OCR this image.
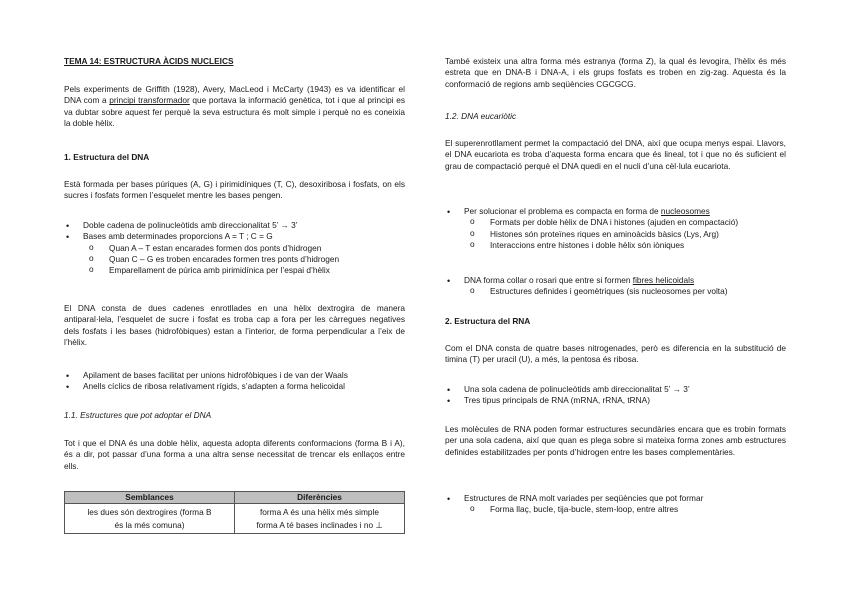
TEMA 14: ESTRUCTURA ÀCIDS NUCLEICS

Pels experiments de Griffith (1928), Avery, MacLeod i McCarty (1943) es va identificar el DNA com a principi transformador que portava la informació genètica, tot i que al principi es va dubtar sobre aquest fer perquè la seva estructura és molt simple i perquè no es coneixia la doble hèlix.

1. Estructura del DNA

Està formada per bases púriques (A, G) i pirimidíniques (T, C), desoxiribosa i fosfats, on els sucres i fosfats formen l’esquelet mentre les bases pengen.

• Doble cadena de polinucleòtids amb direccionalitat 5’ → 3’
• Bases amb determinades proporcions A = T ; C = G
o Quan A – T estan encarades formen dos ponts d’hidrogen
o Quan C – G es troben encarades formen tres ponts d’hidrogen
o Emparellament de púrica amb pirimidínica per l’espai d’hèlix

El DNA consta de dues cadenes enrotllades en una hèlix dextrogira de manera antiparal·lela, l’esquelet de sucre i fosfat es troba cap a fora per les càrregues negatives dels fosfats i les bases (hidrofòbiques) estan a l’interior, de forma perpendicular a l’eix de l’hèlix.

• Apilament de bases facilitat per unions hidrofòbiques i de van der Waals
• Anells cíclics de ribosa relativament rígids, s’adapten a forma helicoidal

1.1. Estructures que pot adoptar el DNA

Tot i que el DNA és una doble hèlix, aquesta adopta diferents conformacions (forma B i A), és a dir, pot passar d’una forma a una altra sense necessitat de trencar els enllaços entre ells.

Semblances	Diferències
les dues són dextrogires (forma B és la més comuna)	forma A és una hèlix més simple forma A té bases inclinades i no ⊥

També existeix una altra forma més estranya (forma Z), la qual és levogira, l’hèlix és més estreta que en DNA-B i DNA-A, i els grups fosfats es troben en zig-zag. Aquesta és la conformació de regions amb seqüències CGCGCG.

1.2. DNA eucariòtic

El superenrotllament permet la compactació del DNA, així que ocupa menys espai. Llavors, el DNA eucariota es troba d’aquesta forma encara que és lineal, tot i que no és suficient el grau de compactació perquè el DNA quedi en el nucli d’una cèl·lula eucariota.

• Per solucionar el problema es compacta en forma de nucleosomes
o Formats per doble hèlix de DNA i histones (ajuden en compactació)
o Histones són proteïnes riques en aminoàcids bàsics (Lys, Arg)
o Interaccions entre histones i doble hèlix són iòniques
• DNA forma collar o rosari que entre si formen fibres helicoidals
o Estructures definides i geomètriques (sis nucleosomes per volta)

2. Estructura del RNA

Com el DNA consta de quatre bases nitrogenades, però es diferencia en la substitució de timina (T) per uracil (U), a més, la pentosa és ribosa.

• Una sola cadena de polinucleòtids amb direccionalitat 5’ → 3’
• Tres tipus principals de RNA (mRNA, rRNA, tRNA)

Les molècules de RNA poden formar estructures secundàries encara que es trobin formats per una sola cadena, així que quan es plega sobre si mateixa forma zones amb estructures definides estabilitzades per ponts d’hidrogen entre les bases complementàries.

• Estructures de RNA molt variades per seqüències que pot formar
o Forma llaç, bucle, tija-bucle, stem-loop, entre altres
